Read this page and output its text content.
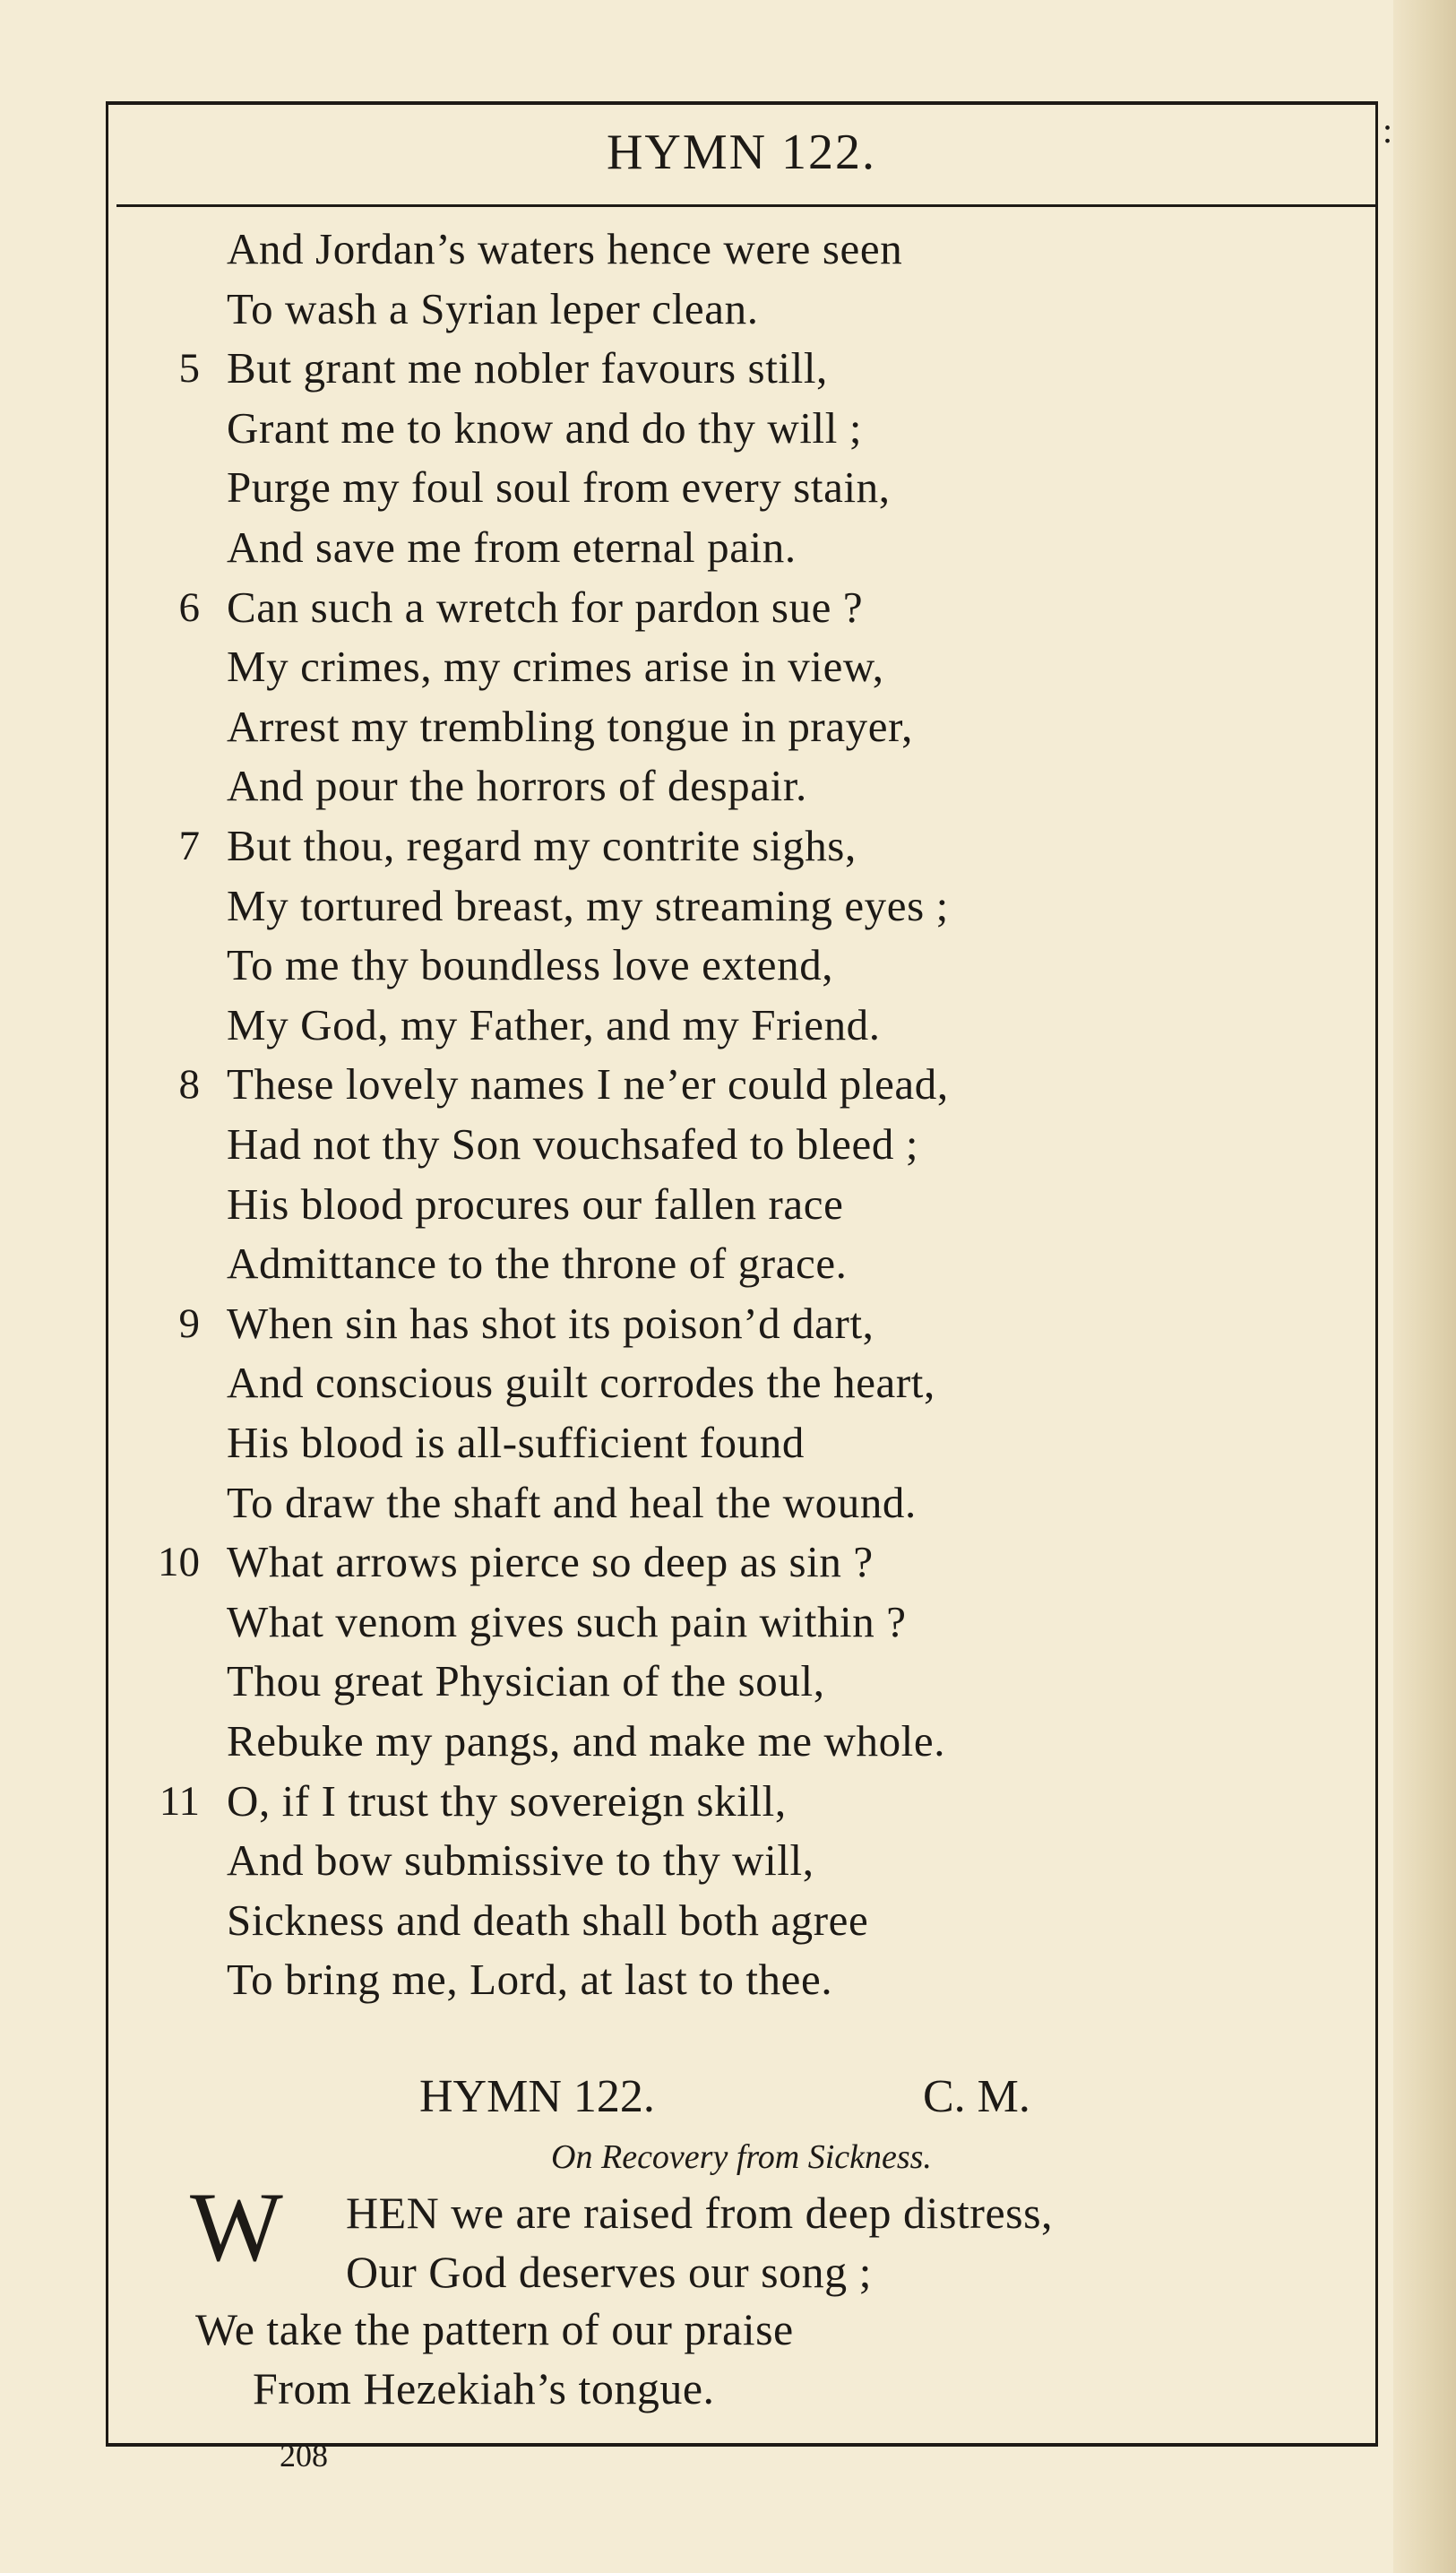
HYMN 122.	:
And Jordan’s waters hence were seen
To wash a Syrian leper clean.
5 But grant me nobler favours still,
Grant me to know and do thy will ;
Purge my foul soul from every stain,
And save me from eternal pain.
6 Can such a wretch for pardon sue ?
My crimes, my crimes arise in view,
Arrest my trembling tongue in prayer,
And pour the horrors of despair.
7 But thou, regard my contrite sighs,
My tortured breast, my streaming eyes ;
To me thy boundless love extend,
My God, my Father, and my Friend.
8 These lovely names I ne’er could plead,
Had not thy Son vouchsafed to bleed ;
His blood procures our fallen race
Admittance to the throne of grace.
9 When sin has shot its poison’d dart,
And conscious guilt corrodes the heart,
His blood is all-sufficient found
To draw the shaft and heal the wound.
10 What arrows pierce so deep as sin ?
What venom gives such pain within ?
Thou great Physician of the soul,
Rebuke my pangs, and make me whole.
11 O, if I trust thy sovereign skill,
And bow submissive to thy will,
Sickness and death shall both agree
To bring me, Lord, at last to thee.
HYMN 122.	C. M.
On Recovery from Sickness.
W HEN we are raised from deep distress,
Our God deserves our song ;
We take the pattern of our praise
From Hezekiah’s tongue.
208
